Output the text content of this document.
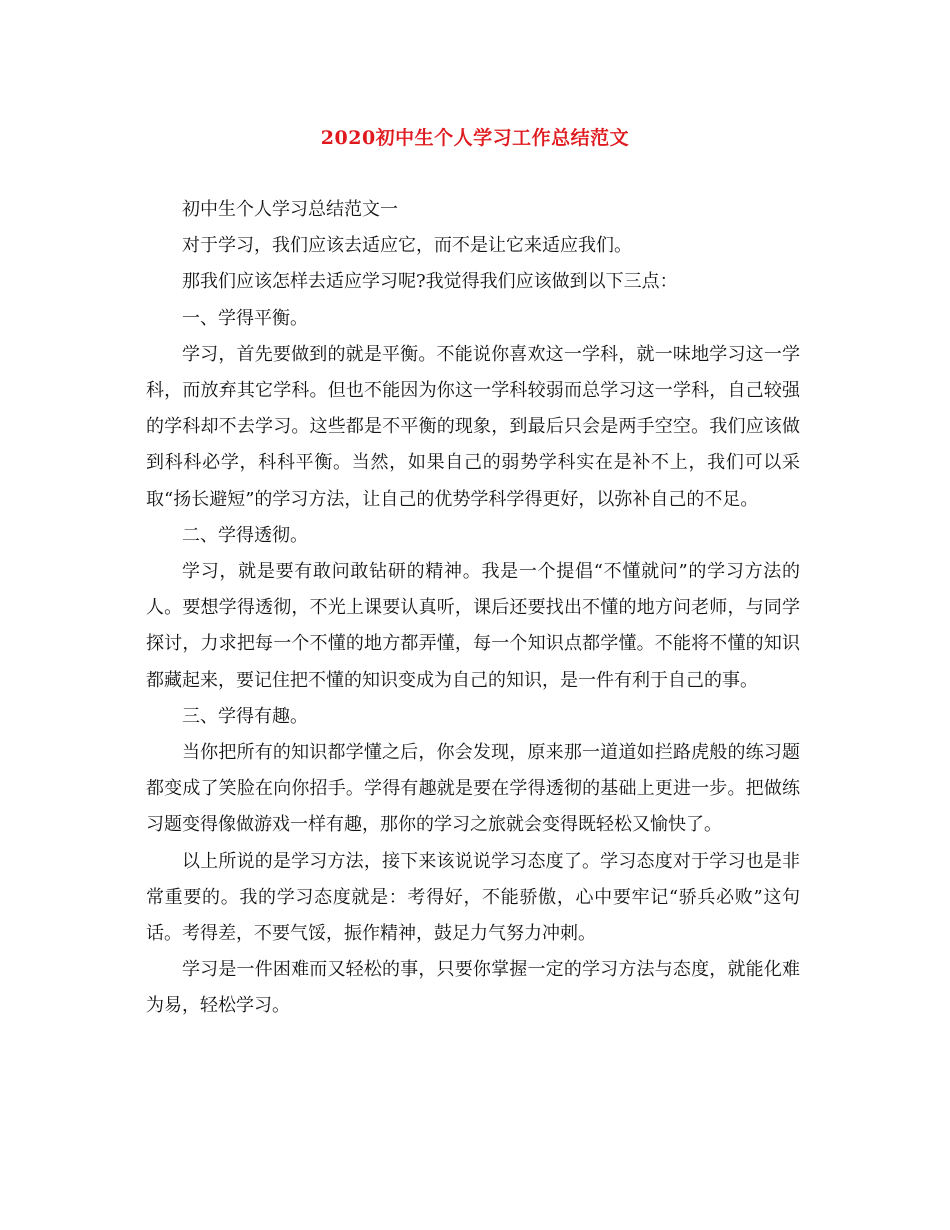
2020初中生个人学习工作总结范文

初中生个人学习总结范文一

对于学习，我们应该去适应它，而不是让它来适应我们。

那我们应该怎样去适应学习呢?我觉得我们应该做到以下三点：

一、学得平衡。

学习，首先要做到的就是平衡。不能说你喜欢这一学科，就一味地学习这一学科，而放弃其它学科。但也不能因为你这一学科较弱而总学习这一学科，自己较强的学科却不去学习。这些都是不平衡的现象，到最后只会是两手空空。我们应该做到科科必学，科科平衡。当然，如果自己的弱势学科实在是补不上，我们可以采取“扬长避短”的学习方法，让自己的优势学科学得更好，以弥补自己的不足。

二、学得透彻。

学习，就是要有敢问敢钻研的精神。我是一个提倡“不懂就问”的学习方法的人。要想学得透彻，不光上课要认真听，课后还要找出不懂的地方问老师，与同学探讨，力求把每一个不懂的地方都弄懂，每一个知识点都学懂。不能将不懂的知识都藏起来，要记住把不懂的知识变成为自己的知识，是一件有利于自己的事。

三、学得有趣。

当你把所有的知识都学懂之后，你会发现，原来那一道道如拦路虎般的练习题都变成了笑脸在向你招手。学得有趣就是要在学得透彻的基础上更进一步。把做练习题变得像做游戏一样有趣，那你的学习之旅就会变得既轻松又愉快了。

以上所说的是学习方法，接下来该说说学习态度了。学习态度对于学习也是非常重要的。我的学习态度就是：考得好，不能骄傲，心中要牢记“骄兵必败”这句话。考得差，不要气馁，振作精神，鼓足力气努力冲刺。

学习是一件困难而又轻松的事，只要你掌握一定的学习方法与态度，就能化难为易，轻松学习。
